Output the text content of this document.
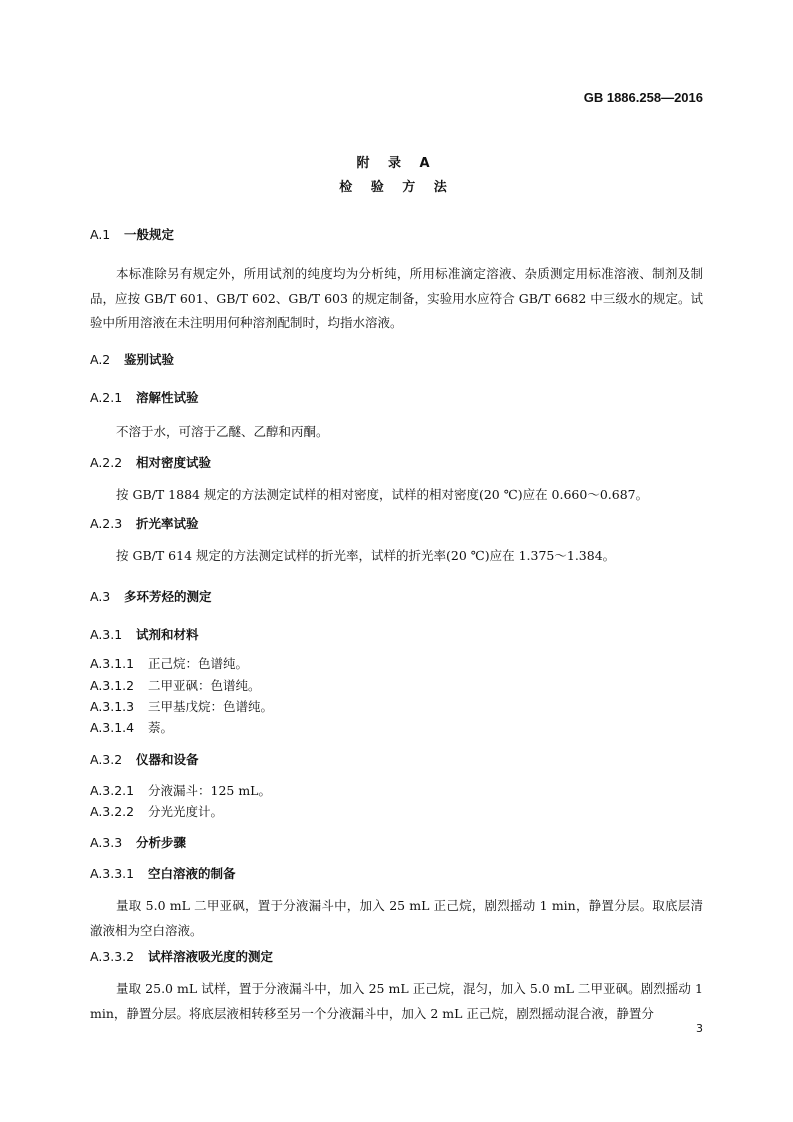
GB 1886.258—2016
附 录 A
检 验 方 法
A.1 一般规定
本标准除另有规定外，所用试剂的纯度均为分析纯，所用标准滴定溶液、杂质测定用标准溶液、制剂及制品，应按 GB/T 601、GB/T 602、GB/T 603 的规定制备，实验用水应符合 GB/T 6682 中三级水的规定。试验中所用溶液在未注明用何种溶剂配制时，均指水溶液。
A.2 鉴别试验
A.2.1 溶解性试验
不溶于水，可溶于乙醚、乙醇和丙酮。
A.2.2 相对密度试验
按 GB/T 1884 规定的方法测定试样的相对密度，试样的相对密度(20 ℃)应在 0.660～0.687。
A.2.3 折光率试验
按 GB/T 614 规定的方法测定试样的折光率，试样的折光率(20 ℃)应在 1.375～1.384。
A.3 多环芳烃的测定
A.3.1 试剂和材料
A.3.1.1 正己烷：色谱纯。
A.3.1.2 二甲亚砜：色谱纯。
A.3.1.3 三甲基戊烷：色谱纯。
A.3.1.4 萘。
A.3.2 仪器和设备
A.3.2.1 分液漏斗：125 mL。
A.3.2.2 分光光度计。
A.3.3 分析步骤
A.3.3.1 空白溶液的制备
量取 5.0 mL 二甲亚砜，置于分液漏斗中，加入 25 mL 正己烷，剧烈摇动 1 min，静置分层。取底层清澈液相为空白溶液。
A.3.3.2 试样溶液吸光度的测定
量取 25.0 mL 试样，置于分液漏斗中，加入 25 mL 正己烷，混匀，加入 5.0 mL 二甲亚砜。剧烈摇动 1 min，静置分层。将底层液相转移至另一个分液漏斗中，加入 2 mL 正己烷，剧烈摇动混合液，静置分
3
